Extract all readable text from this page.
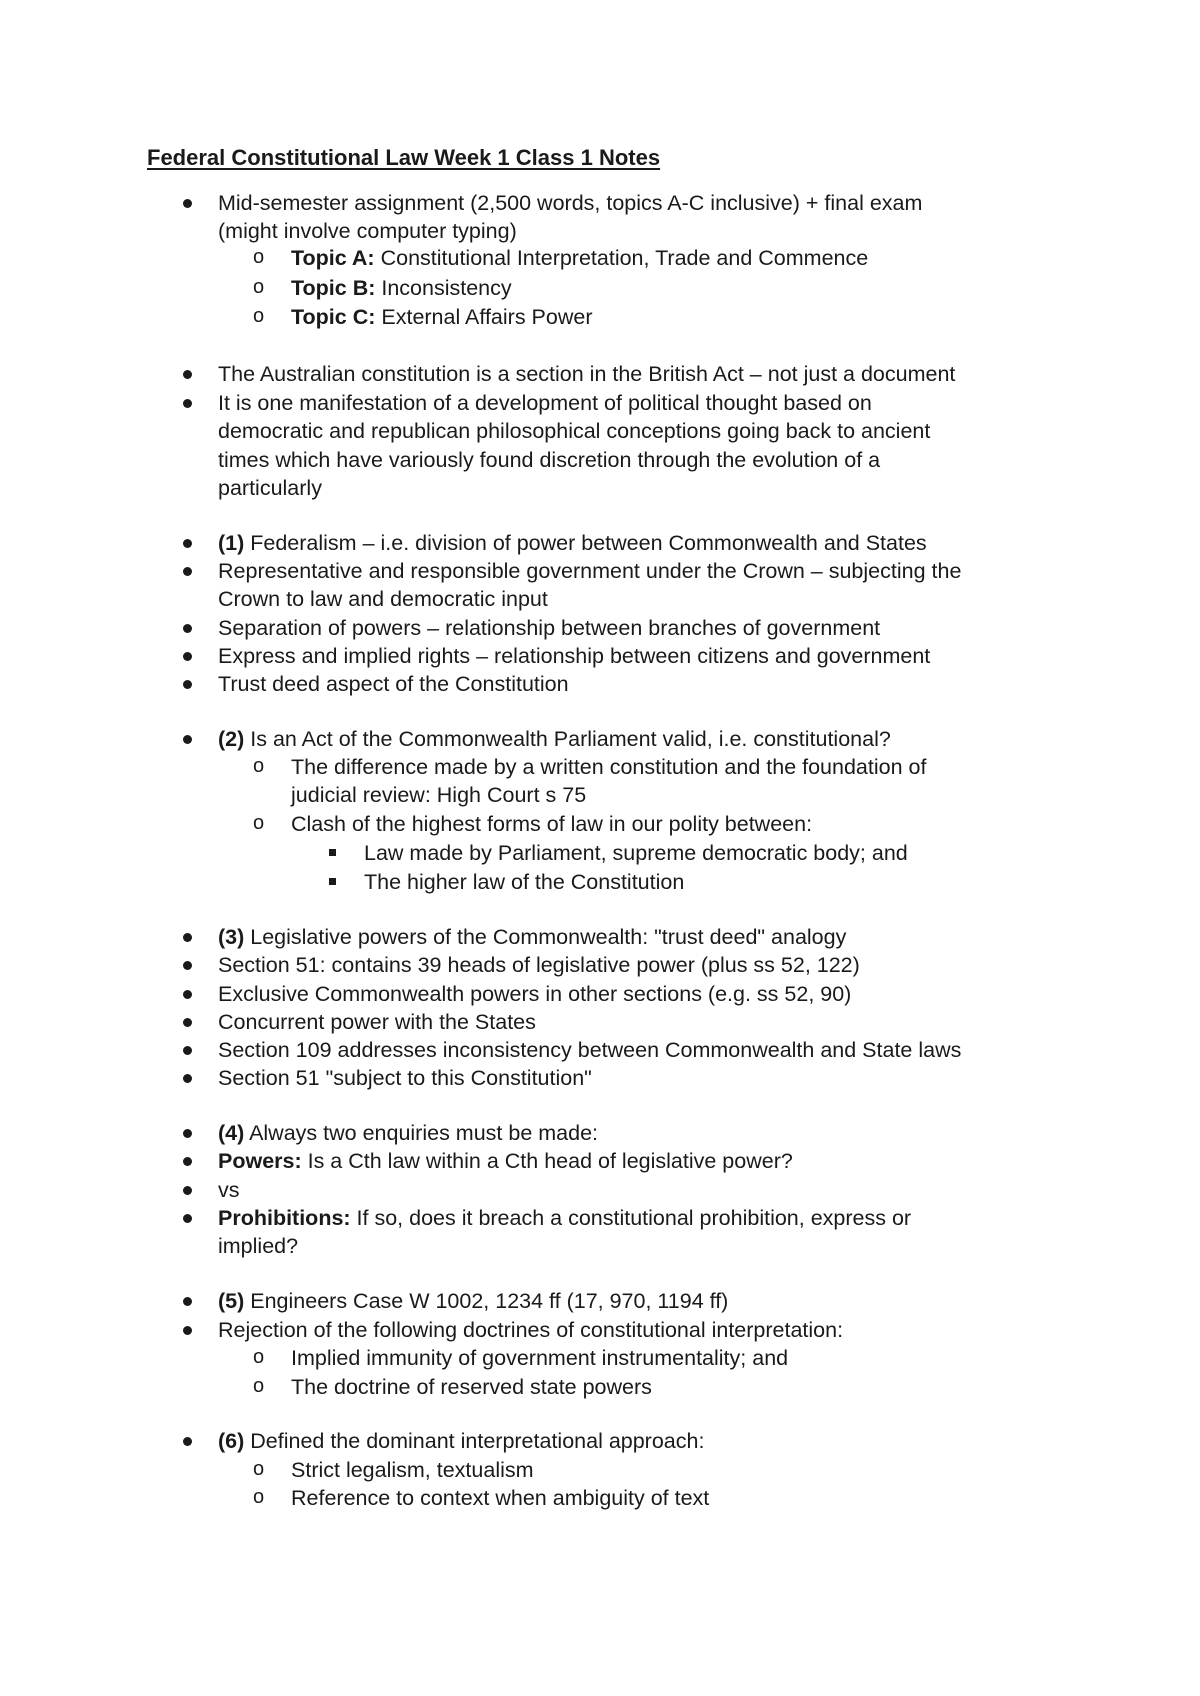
Federal Constitutional Law Week 1 Class 1 Notes
Mid-semester assignment (2,500 words, topics A-C inclusive) + final exam
(might involve computer typing)
Topic A: Constitutional Interpretation, Trade and Commence
o
Topic B: Inconsistency
o
Topic C: External Affairs Power
o
The Australian constitution is a section in the British Act – not just a document
It is one manifestation of a development of political thought based on
democratic and republican philosophical conceptions going back to ancient
times which have variously found discretion through the evolution of a
particularly
(1) Federalism – i.e. division of power between Commonwealth and States
Representative and responsible government under the Crown – subjecting the
Crown to law and democratic input
Separation of powers – relationship between branches of government
Express and implied rights – relationship between citizens and government
Trust deed aspect of the Constitution
(2) Is an Act of the Commonwealth Parliament valid, i.e. constitutional?
The difference made by a written constitution and the foundation of
o
judicial review: High Court s 75
Clash of the highest forms of law in our polity between:
o
Law made by Parliament, supreme democratic body; and
The higher law of the Constitution
(3) Legislative powers of the Commonwealth: "trust deed" analogy
Section 51: contains 39 heads of legislative power (plus ss 52, 122)
Exclusive Commonwealth powers in other sections (e.g. ss 52, 90)
Concurrent power with the States
Section 109 addresses inconsistency between Commonwealth and State laws
Section 51 "subject to this Constitution"
(4) Always two enquiries must be made:
Powers: Is a Cth law within a Cth head of legislative power?
vs
Prohibitions: If so, does it breach a constitutional prohibition, express or
implied?
(5) Engineers Case W 1002, 1234 ff (17, 970, 1194 ff)
Rejection of the following doctrines of constitutional interpretation:
Implied immunity of government instrumentality; and
o
The doctrine of reserved state powers
o
(6) Defined the dominant interpretational approach:
Strict legalism, textualism
o
Reference to context when ambiguity of text
o
